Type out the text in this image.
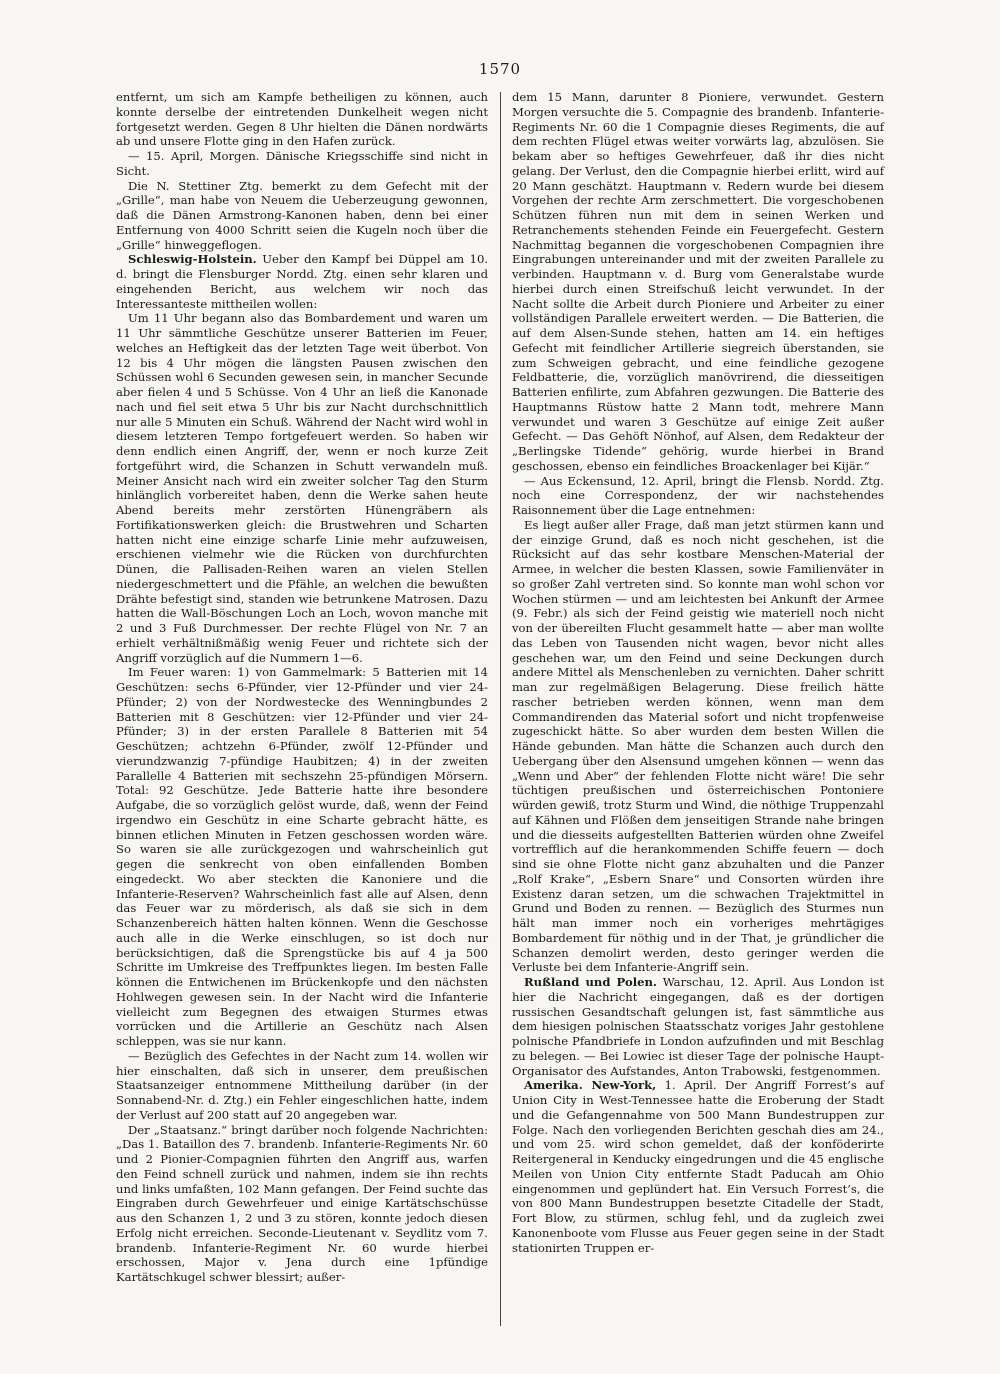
1570

entfernt, um sich am Kampfe betheiligen zu können, auch konnte derselbe der eintretenden Dunkelheit wegen nicht fortgesetzt werden. Gegen 8 Uhr hielten die Dänen nordwärts ab und unsere Flotte ging in den Hafen zurück.

— 15. April, Morgen. Dänische Kriegsschiffe sind nicht in Sicht.

Die N. Stettiner Ztg. bemerkt zu dem Gefecht mit der „Grille“, man habe von Neuem die Ueberzeugung gewonnen, daß die Dänen Armstrong-Kanonen haben, denn bei einer Entfernung von 4000 Schritt seien die Kugeln noch über die „Grille“ hinweggeflogen.

Schleswig-Holstein. Ueber den Kampf bei Düppel am 10. d. bringt die Flensburger Nordd. Ztg. einen sehr klaren und eingehenden Bericht, aus welchem wir noch das Interessanteste mittheilen wollen:

Um 11 Uhr begann also das Bombardement und waren um 11 Uhr sämmtliche Geschütze unserer Batterien im Feuer, welches an Heftigkeit das der letzten Tage weit überbot. Von 12 bis 4 Uhr mögen die längsten Pausen zwischen den Schüssen wohl 6 Secunden gewesen sein, in mancher Secunde aber fielen 4 und 5 Schüsse. Von 4 Uhr an ließ die Kanonade nach und fiel seit etwa 5 Uhr bis zur Nacht durchschnittlich nur alle 5 Minuten ein Schuß. Während der Nacht wird wohl in diesem letzteren Tempo fortgefeuert werden. So haben wir denn endlich einen Angriff, der, wenn er noch kurze Zeit fortgeführt wird, die Schanzen in Schutt verwandeln muß. Meiner Ansicht nach wird ein zweiter solcher Tag den Sturm hinlänglich vorbereitet haben, denn die Werke sahen heute Abend bereits mehr zerstörten Hünengräbern als Fortifikationswerken gleich: die Brustwehren und Scharten hatten nicht eine einzige scharfe Linie mehr aufzuweisen, erschienen vielmehr wie die Rücken von durchfurchten Dünen, die Pallisaden-Reihen waren an vielen Stellen niedergeschmettert und die Pfähle, an welchen die bewußten Drähte befestigt sind, standen wie betrunkene Matrosen. Dazu hatten die Wall-Böschungen Loch an Loch, wovon manche mit 2 und 3 Fuß Durchmesser. Der rechte Flügel von Nr. 7 an erhielt verhältnißmäßig wenig Feuer und richtete sich der Angriff vorzüglich auf die Nummern 1—6.

Im Feuer waren: 1) von Gammelmark: 5 Batterien mit 14 Geschützen: sechs 6-Pfünder, vier 12-Pfünder und vier 24-Pfünder; 2) von der Nordwestecke des Wenningbundes 2 Batterien mit 8 Geschützen: vier 12-Pfünder und vier 24-Pfünder; 3) in der ersten Parallele 8 Batterien mit 54 Geschützen; achtzehn 6-Pfünder, zwölf 12-Pfünder und vierundzwanzig 7-pfündige Haubitzen; 4) in der zweiten Parallelle 4 Batterien mit sechszehn 25-pfündigen Mörsern. Total: 92 Geschütze. Jede Batterie hatte ihre besondere Aufgabe, die so vorzüglich gelöst wurde, daß, wenn der Feind irgendwo ein Geschütz in eine Scharte gebracht hätte, es binnen etlichen Minuten in Fetzen geschossen worden wäre. So waren sie alle zurückgezogen und wahrscheinlich gut gegen die senkrecht von oben einfallenden Bomben eingedeckt. Wo aber steckten die Kanoniere und die Infanterie-Reserven? Wahrscheinlich fast alle auf Alsen, denn das Feuer war zu mörderisch, als daß sie sich in dem Schanzenbereich hätten halten können. Wenn die Geschosse auch alle in die Werke einschlugen, so ist doch nur berücksichtigen, daß die Sprengstücke bis auf 4 ja 500 Schritte im Umkreise des Treffpunktes liegen. Im besten Falle können die Entwichenen im Brückenkopfe und den nächsten Hohlwegen gewesen sein. In der Nacht wird die Infanterie vielleicht zum Begegnen des etwaigen Sturmes etwas vorrücken und die Artillerie an Geschütz nach Alsen schleppen, was sie nur kann.

— Bezüglich des Gefechtes in der Nacht zum 14. wollen wir hier einschalten, daß sich in unserer, dem preußischen Staatsanzeiger entnommene Mittheilung darüber (in der Sonnabend-Nr. d. Ztg.) ein Fehler eingeschlichen hatte, indem der Verlust auf 200 statt auf 20 angegeben war.

Der „Staatsanz.“ bringt darüber noch folgende Nachrichten: „Das 1. Bataillon des 7. brandenb. Infanterie-Regiments Nr. 60 und 2 Pionier-Compagnien führten den Angriff aus, warfen den Feind schnell zurück und nahmen, indem sie ihn rechts und links umfaßten, 102 Mann gefangen. Der Feind suchte das Eingraben durch Gewehrfeuer und einige Kartätschschüsse aus den Schanzen 1, 2 und 3 zu stören, konnte jedoch diesen Erfolg nicht erreichen. Seconde-Lieutenant v. Seydlitz vom 7. brandenb. Infanterie-Regiment Nr. 60 wurde hierbei erschossen, Major v. Jena durch eine 1pfündige Kartätschkugel schwer blessirt; außer-

dem 15 Mann, darunter 8 Pioniere, verwundet. Gestern Morgen versuchte die 5. Compagnie des brandenb. Infanterie-Regiments Nr. 60 die 1 Compagnie dieses Regiments, die auf dem rechten Flügel etwas weiter vorwärts lag, abzulösen. Sie bekam aber so heftiges Gewehrfeuer, daß ihr dies nicht gelang. Der Verlust, den die Compagnie hierbei erlitt, wird auf 20 Mann geschätzt. Hauptmann v. Redern wurde bei diesem Vorgehen der rechte Arm zerschmettert. Die vorgeschobenen Schützen führen nun mit dem in seinen Werken und Retranchements stehenden Feinde ein Feuergefecht. Gestern Nachmittag begannen die vorgeschobenen Compagnien ihre Eingrabungen untereinander und mit der zweiten Parallele zu verbinden. Hauptmann v. d. Burg vom Generalstabe wurde hierbei durch einen Streifschuß leicht verwundet. In der Nacht sollte die Arbeit durch Pioniere und Arbeiter zu einer vollständigen Parallele erweitert werden. — Die Batterien, die auf dem Alsen-Sunde stehen, hatten am 14. ein heftiges Gefecht mit feindlicher Artillerie siegreich überstanden, sie zum Schweigen gebracht, und eine feindliche gezogene Feldbatterie, die, vorzüglich manövrirend, die diesseitigen Batterien enfilirte, zum Abfahren gezwungen. Die Batterie des Hauptmanns Rüstow hatte 2 Mann todt, mehrere Mann verwundet und waren 3 Geschütze auf einige Zeit außer Gefecht. — Das Gehöft Nönhof, auf Alsen, dem Redakteur der „Berlingske Tidende“ gehörig, wurde hierbei in Brand geschossen, ebenso ein feindliches Broackenlager bei Kijär.“

— Aus Eckensund, 12. April, bringt die Flensb. Nordd. Ztg. noch eine Correspondenz, der wir nachstehendes Raisonnement über die Lage entnehmen:

Es liegt außer aller Frage, daß man jetzt stürmen kann und der einzige Grund, daß es noch nicht geschehen, ist die Rücksicht auf das sehr kostbare Menschen-Material der Armee, in welcher die besten Klassen, sowie Familienväter in so großer Zahl vertreten sind. So konnte man wohl schon vor Wochen stürmen — und am leichtesten bei Ankunft der Armee (9. Febr.) als sich der Feind geistig wie materiell noch nicht von der übereilten Flucht gesammelt hatte — aber man wollte das Leben von Tausenden nicht wagen, bevor nicht alles geschehen war, um den Feind und seine Deckungen durch andere Mittel als Menschenleben zu vernichten. Daher schritt man zur regelmäßigen Belagerung. Diese freilich hätte rascher betrieben werden können, wenn man dem Commandirenden das Material sofort und nicht tropfenweise zugeschickt hätte. So aber wurden dem besten Willen die Hände gebunden. Man hätte die Schanzen auch durch den Uebergang über den Alsensund umgehen können — wenn das „Wenn und Aber“ der fehlenden Flotte nicht wäre! Die sehr tüchtigen preußischen und österreichischen Pontoniere würden gewiß, trotz Sturm und Wind, die nöthige Truppenzahl auf Kähnen und Flößen dem jenseitigen Strande nahe bringen und die diesseits aufgestellten Batterien würden ohne Zweifel vortrefflich auf die herankommenden Schiffe feuern — doch sind sie ohne Flotte nicht ganz abzuhalten und die Panzer „Rolf Krake“, „Esbern Snare“ und Consorten würden ihre Existenz daran setzen, um die schwachen Trajektmittel in Grund und Boden zu rennen. — Bezüglich des Sturmes nun hält man immer noch ein vorheriges mehrtägiges Bombardement für nöthig und in der That, je gründlicher die Schanzen demolirt werden, desto geringer werden die Verluste bei dem Infanterie-Angriff sein.

Rußland und Polen. Warschau, 12. April. Aus London ist hier die Nachricht eingegangen, daß es der dortigen russischen Gesandtschaft gelungen ist, fast sämmtliche aus dem hiesigen polnischen Staatsschatz voriges Jahr gestohlene polnische Pfandbriefe in London aufzufinden und mit Beschlag zu belegen. — Bei Lowiec ist dieser Tage der polnische Haupt-Organisator des Aufstandes, Anton Trabowski, festgenommen.

Amerika. New-York, 1. April. Der Angriff Forrest’s auf Union City in West-Tennessee hatte die Eroberung der Stadt und die Gefangennahme von 500 Mann Bundestruppen zur Folge. Nach den vorliegenden Berichten geschah dies am 24., und vom 25. wird schon gemeldet, daß der konföderirte Reitergeneral in Kenducky eingedrungen und die 45 englische Meilen von Union City entfernte Stadt Paducah am Ohio eingenommen und geplündert hat. Ein Versuch Forrest’s, die von 800 Mann Bundestruppen besetzte Citadelle der Stadt, Fort Blow, zu stürmen, schlug fehl, und da zugleich zwei Kanonenboote vom Flusse aus Feuer gegen seine in der Stadt stationirten Truppen er-
